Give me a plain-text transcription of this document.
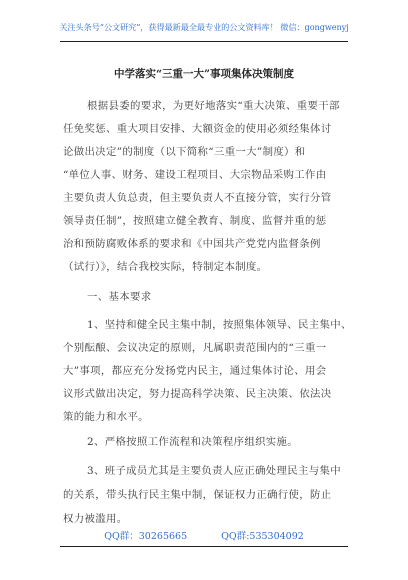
关注头条号“公文研究”，获得最新最全最专业的公文资料库！ 微信：gongwenyj
中学落实“三重一大”事项集体决策制度
根据县委的要求，为更好地落实“重大决策、重要干部
任免奖惩、重大项目安排、大额资金的使用必须经集体讨
论做出决定”的制度（以下简称“三重一大”制度）和
“单位人事、财务、建设工程项目、大宗物品采购工作由
主要负责人负总责，但主要负责人不直接分管，实行分管
领导责任制”，按照建立健全教育、制度、监督并重的惩
治和预防腐败体系的要求和《中国共产党党内监督条例
（试行）》，结合我校实际，特制定本制度。
一、基本要求
1、坚持和健全民主集中制，按照集体领导、民主集中、
个别酝酿、会议决定的原则，凡属职责范围内的“三重一
大”事项，都应充分发扬党内民主，通过集体讨论、用会
议形式做出决定，努力提高科学决策、民主决策、依法决
策的能力和水平。
2、严格按照工作流程和决策程序组织实施。
3、班子成员尤其是主要负责人应正确处理民主与集中
的关系，带头执行民主集中制，保证权力正确行使，防止
权力被滥用。
QQ群：30265665	QQ群:535304092
